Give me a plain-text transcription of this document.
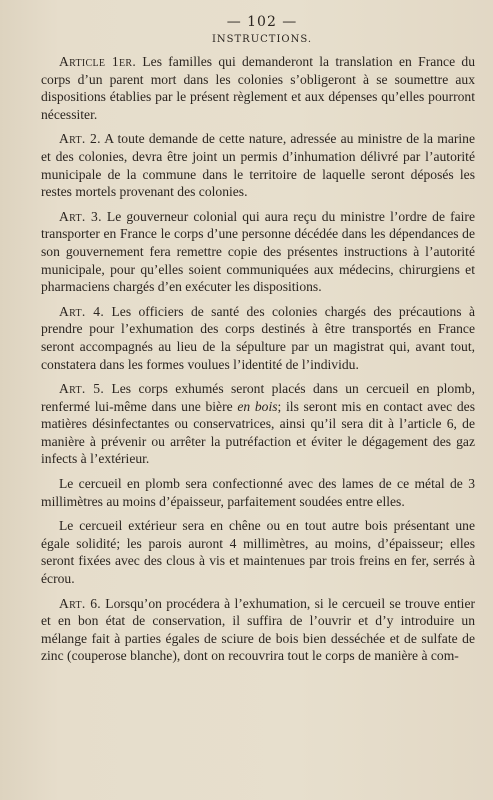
— 102 —
INSTRUCTIONS.

Article 1er. Les familles qui demanderont la translation en France du corps d’un parent mort dans les colonies s’obligeront à se soumettre aux dispositions établies par le présent règlement et aux dépenses qu’elles pourront nécessiter.

Art. 2. A toute demande de cette nature, adressée au ministre de la marine et des colonies, devra être joint un permis d’inhumation délivré par l’autorité municipale de la commune dans le territoire de laquelle seront déposés les restes mortels provenant des colonies.

Art. 3. Le gouverneur colonial qui aura reçu du ministre l’ordre de faire transporter en France le corps d’une personne décédée dans les dépendances de son gouvernement fera remettre copie des présentes instructions à l’autorité municipale, pour qu’elles soient communiquées aux médecins, chirurgiens et pharmaciens chargés d’en exécuter les dispositions.

Art. 4. Les officiers de santé des colonies chargés des précautions à prendre pour l’exhumation des corps destinés à être transportés en France seront accompagnés au lieu de la sépulture par un magistrat qui, avant tout, constatera dans les formes voulues l’identité de l’individu.

Art. 5. Les corps exhumés seront placés dans un cercueil en plomb, renfermé lui-même dans une bière en bois; ils seront mis en contact avec des matières désinfectantes ou conservatrices, ainsi qu’il sera dit à l’article 6, de manière à prévenir ou arrêter la putréfaction et éviter le dégagement des gaz infects à l’extérieur.

Le cercueil en plomb sera confectionné avec des lames de ce métal de 3 millimètres au moins d’épaisseur, parfaitement soudées entre elles.

Le cercueil extérieur sera en chêne ou en tout autre bois présentant une égale solidité; les parois auront 4 millimètres, au moins, d’épaisseur; elles seront fixées avec des clous à vis et maintenues par trois freins en fer, serrés à écrou.

Art. 6. Lorsqu’on procédera à l’exhumation, si le cercueil se trouve entier et en bon état de conservation, il suffira de l’ouvrir et d’y introduire un mélange fait à parties égales de sciure de bois bien desséchée et de sulfate de zinc (couperose blanche), dont on recouvrira tout le corps de manière à com-
